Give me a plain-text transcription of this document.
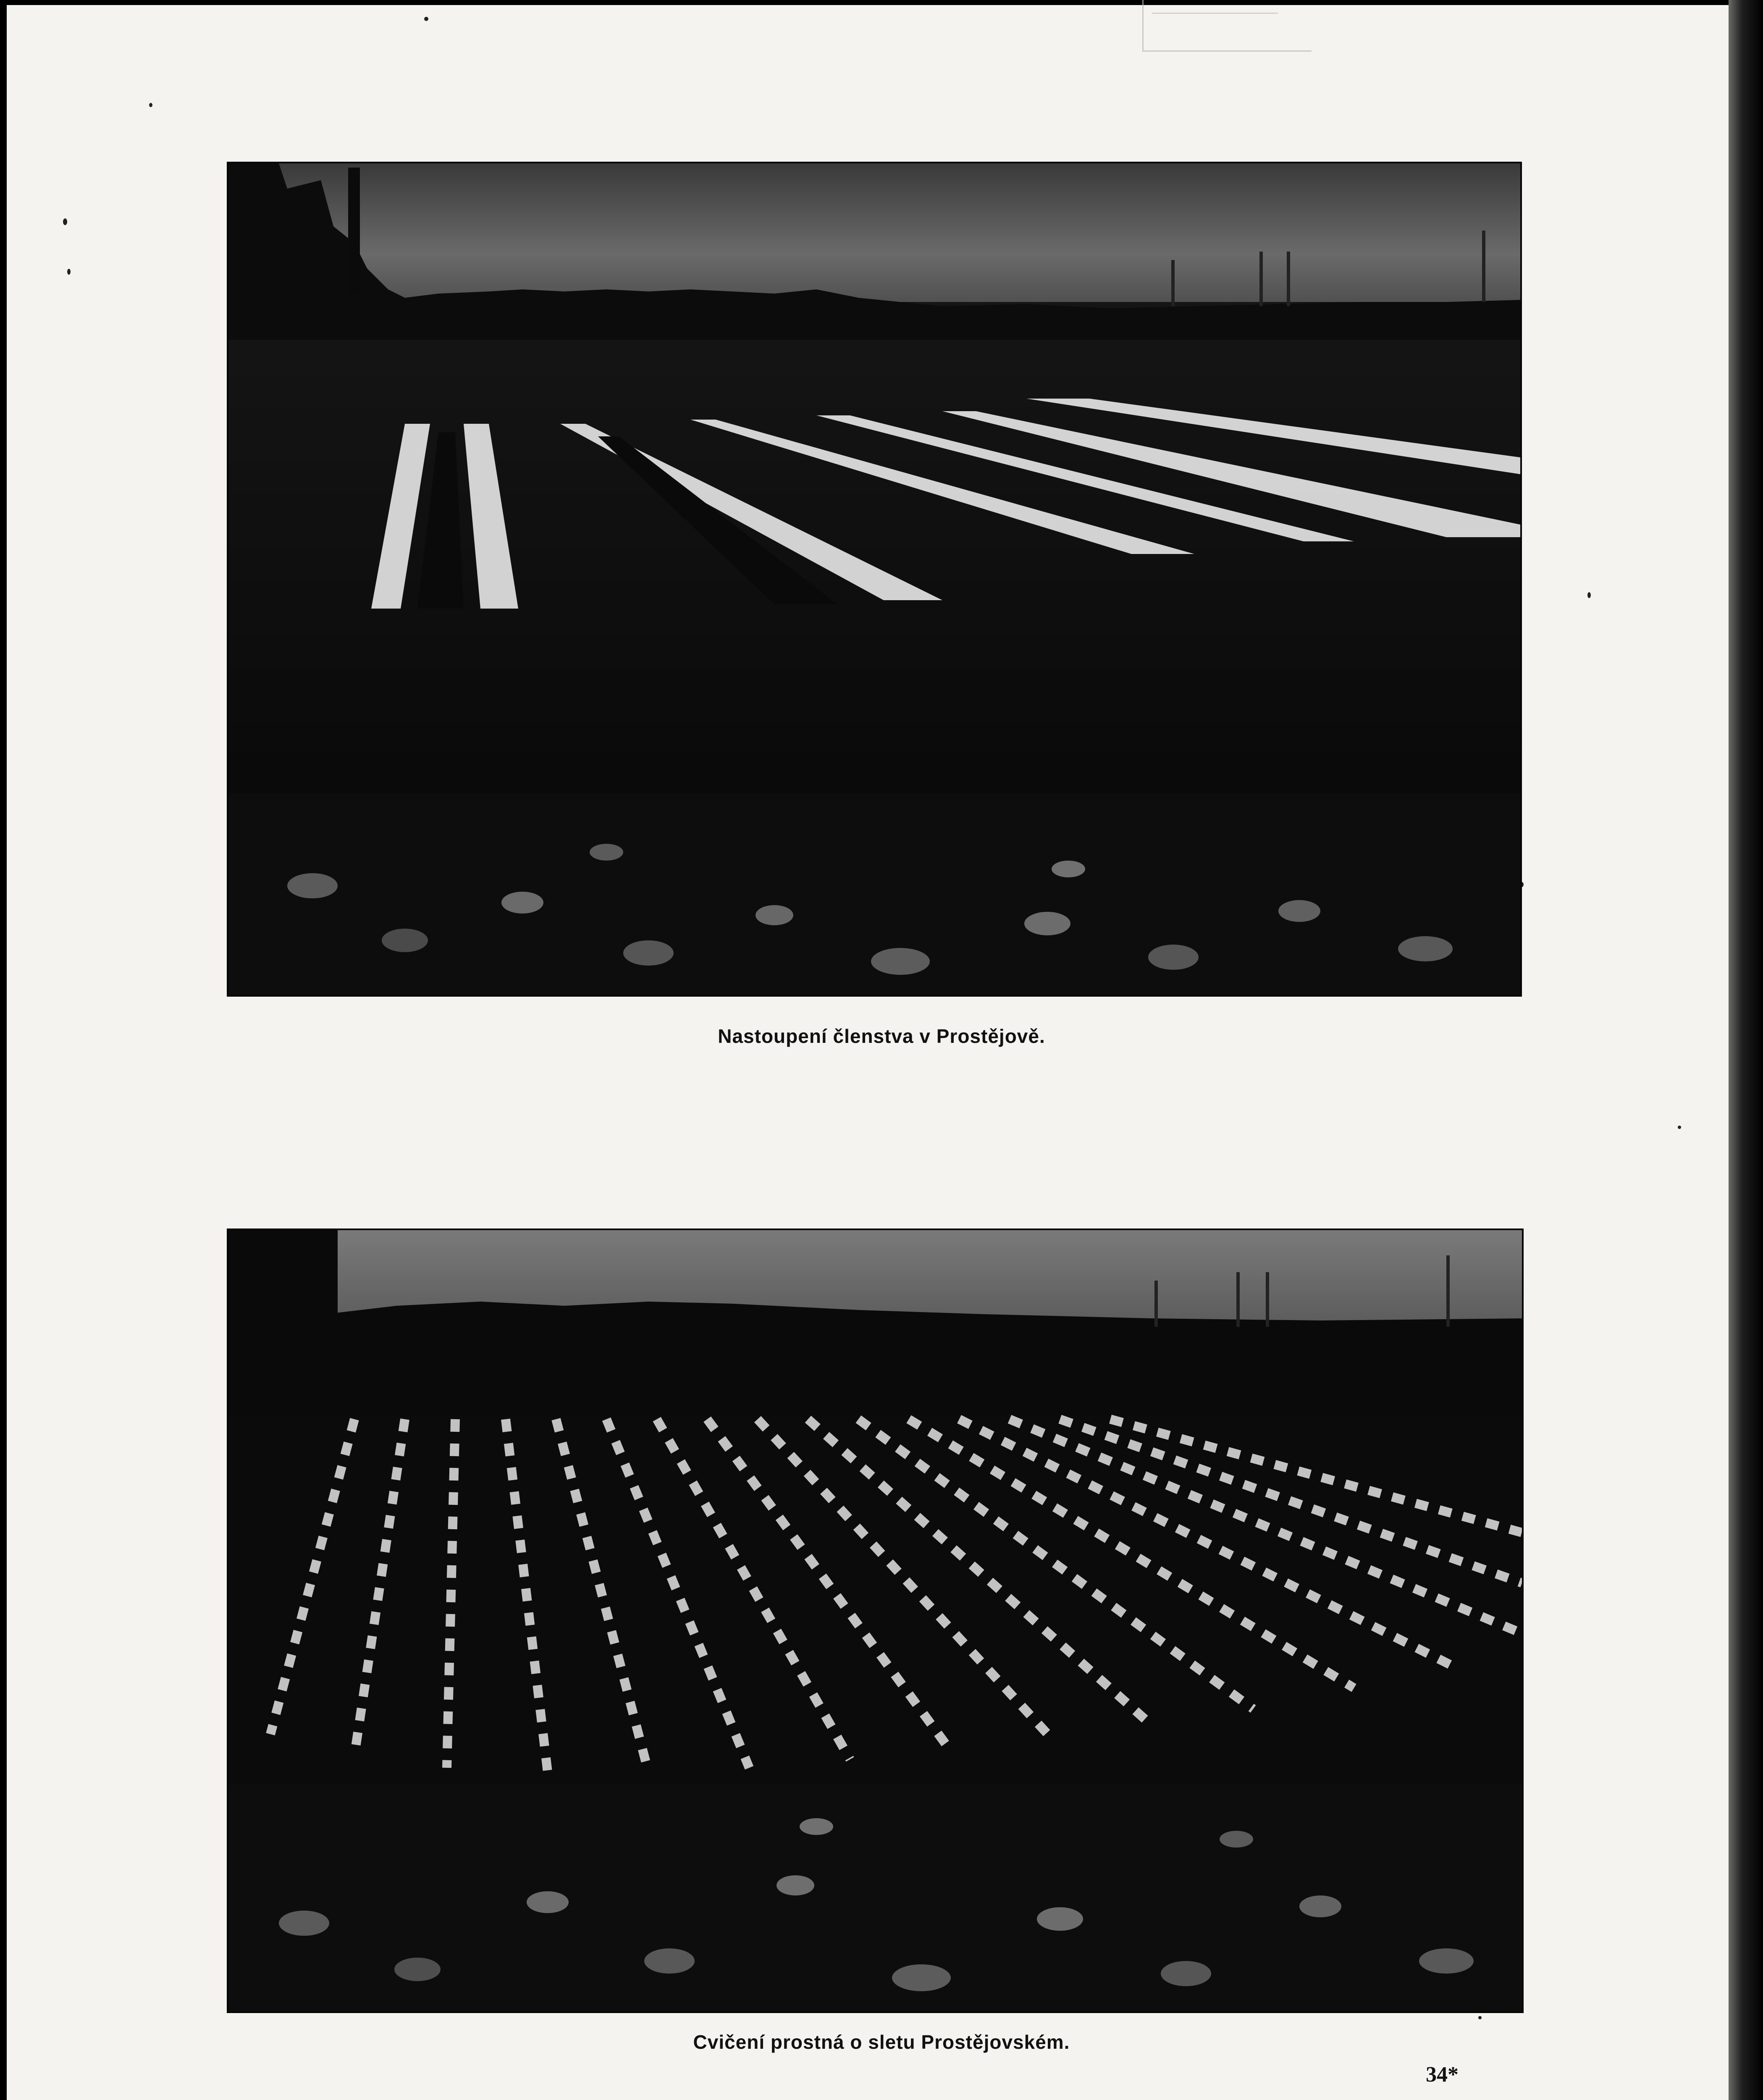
Nastoupení členstva v Prostějově.
Cvičení prostná o sletu Prostějovském.
34*
